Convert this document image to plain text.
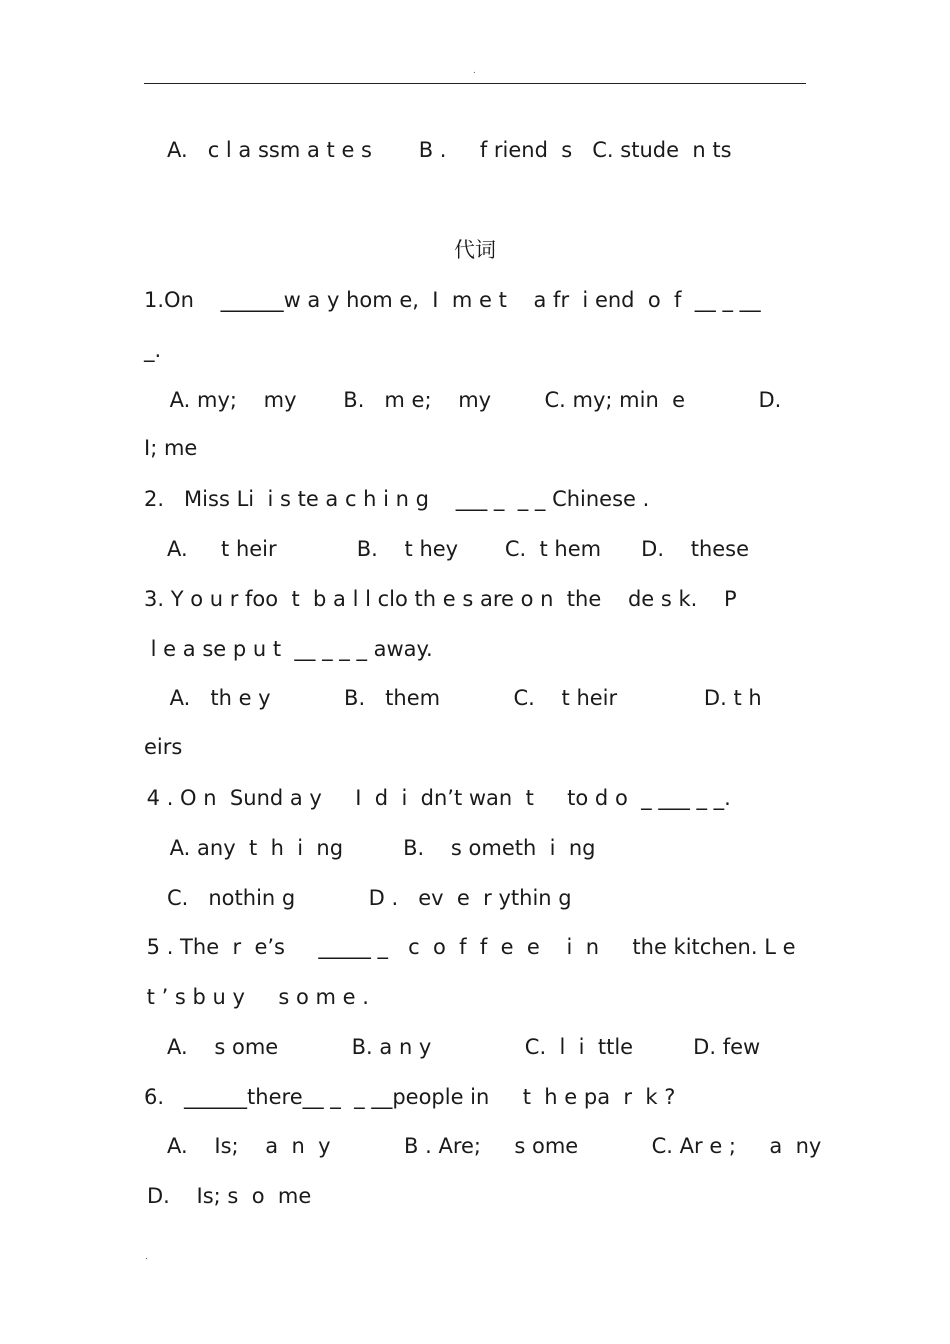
.
A.   c l a ssm a t e s       B .     f riend  s   C. stude  n ts
代词
1.On    ______w a y hom e,  I  m e t    a fr  i end  o  f  __ _ __
_.
A. my;    my       B.   m e;    my        C. my; min  e           D.
I; me
2.   Miss Li  i s te a c h i n g    ___ _  _ _ Chinese .
A.     t heir            B.    t hey       C.  t hem      D.    these
3. Y o u r foo  t  b a l l clo th e s are o n  the    de s k.    P
l e a se p u t  __ _ _ _ away.
A.   th e y           B.   them           C.    t heir             D. t h
eirs
4 . O n  Sund a y     I  d  i  dn’t wan  t     to d o  _ ___ _ _.
A. any  t  h  i  ng         B.    s ometh  i  ng
C.   nothin g           D .   ev  e  r ythin g
5 . The  r  e’s     _____ _   c  o  f  f  e  e    i  n     the kitchen. L e
t ’ s b u y     s o m e .
A.    s ome           B. a n y              C.  l  i  ttle         D. few
6.   ______there__ _  _ __people in     t  h e pa  r  k ?
A.    Is;    a  n  y           B . Are;     s ome           C. Ar e ;     a  ny
D.    Is; s  o  me
.
